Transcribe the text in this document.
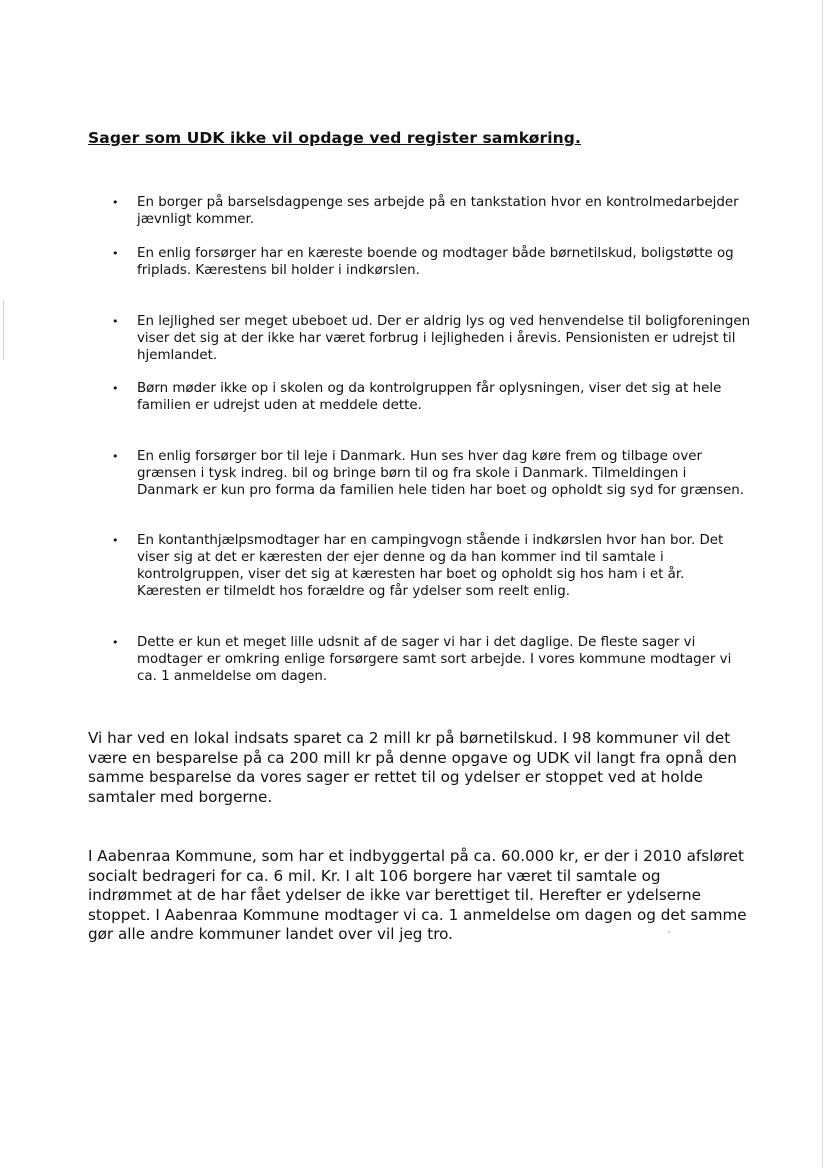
Sager som UDK ikke vil opdage ved register samkøring.
•	En borger på barselsdagpenge ses arbejde på en tankstation hvor en kontrolmedarbejder jævnligt kommer.
•	En enlig forsørger har en kæreste boende og modtager både børnetilskud, boligstøtte og friplads. Kærestens bil holder i indkørslen.
•	En lejlighed ser meget ubeboet ud. Der er aldrig lys og ved henvendelse til boligforeningen viser det sig at der ikke har været forbrug i lejligheden i årevis. Pensionisten er udrejst til hjemlandet.
•	Børn møder ikke op i skolen og da kontrolgruppen får oplysningen, viser det sig at hele familien er udrejst uden at meddele dette.
•	En enlig forsørger bor til leje i Danmark. Hun ses hver dag køre frem og tilbage over grænsen i tysk indreg. bil og bringe børn til og fra skole i Danmark. Tilmeldingen i Danmark er kun pro forma da familien hele tiden har boet og opholdt sig syd for grænsen.
•	En kontanthjælpsmodtager har en campingvogn stående i indkørslen hvor han bor. Det viser sig at det er kæresten der ejer denne og da han kommer ind til samtale i kontrolgruppen, viser det sig at kæresten har boet og opholdt sig hos ham i et år. Kæresten er tilmeldt hos forældre og får ydelser som reelt enlig.
•	Dette er kun et meget lille udsnit af de sager vi har i det daglige. De fleste sager vi modtager er omkring enlige forsørgere samt sort arbejde. I vores kommune modtager vi ca. 1 anmeldelse om dagen.

Vi har ved en lokal indsats sparet ca 2 mill kr på børnetilskud. I 98 kommuner vil det være en besparelse på ca 200 mill kr på denne opgave og UDK vil langt fra opnå den samme besparelse da vores sager er rettet til og ydelser er stoppet ved at holde samtaler med borgerne.

I Aabenraa Kommune, som har et indbyggertal på ca. 60.000 kr, er der i 2010 afsløret socialt bedrageri for ca. 6 mil. Kr. I alt 106 borgere har været til samtale og indrømmet at de har fået ydelser de ikke var berettiget til. Herefter er ydelserne stoppet. I Aabenraa Kommune modtager vi ca. 1 anmeldelse om dagen og det samme gør alle andre kommuner landet over vil jeg tro.
